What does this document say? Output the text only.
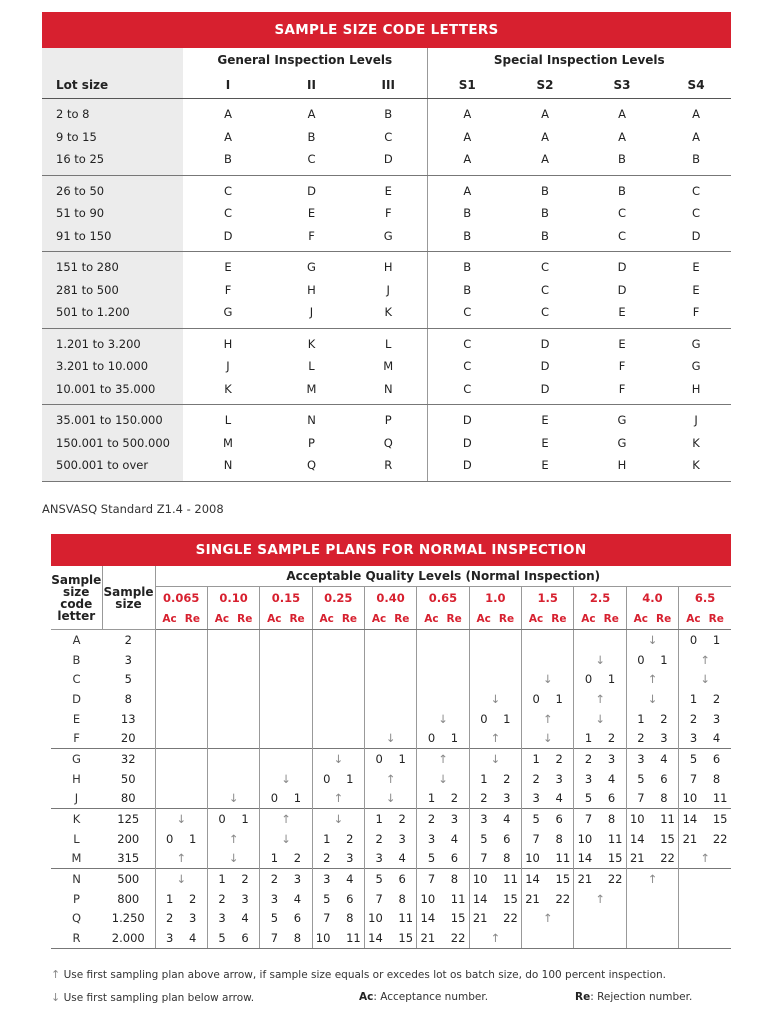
SAMPLE SIZE CODE LETTERS							
	General Inspection Levels			Special Inspection Levels			
Lot size	I	II	III	S1	S2	S3	S4
2 to 8	A	A	B	A	A	A	A
9 to 15	A	B	C	A	A	A	A
16 to 25	B	C	D	A	A	B	B
26 to 50	C	D	E	A	B	B	C
51 to 90	C	E	F	B	B	C	C
91 to 150	D	F	G	B	B	C	D
151 to 280	E	G	H	B	C	D	E
281 to 500	F	H	J	B	C	D	E
501 to 1.200	G	J	K	C	C	E	F
1.201 to 3.200	H	K	L	C	D	E	G
3.201 to 10.000	J	L	M	C	D	F	G
10.001 to 35.000	K	M	N	C	D	F	H
35.001 to 150.000	L	N	P	D	E	G	J
150.001 to 500.000	M	P	Q	D	E	G	K
500.001 to over	N	Q	R	D	E	H	K
ANSVASQ Standard Z1.4 - 2008
SINGLE SAMPLE PLANS FOR NORMAL INSPECTION												
Sample size code letter	Sample size	Acceptable Quality Levels (Normal Inspection)										
		0.065	0.10	0.15	0.25	0.40	0.65	1.0	1.5	2.5	4.0	6.5
		Ac Re	Ac Re	Ac Re	Ac Re	Ac Re	Ac Re	Ac Re	Ac Re	Ac Re	Ac Re	Ac Re
A	2										↓	0 1
B	3									↓	0 1	↑
C	5								↓	0 1	↑	↓
D	8							↓	0 1	↑	↓	1 2
E	13						↓	0 1	↑	↓	1 2	2 3
F	20					↓	0 1	↑	↓	1 2	2 3	3 4
G	32				↓	0 1	↑	↓	1 2	2 3	3 4	5 6
H	50			↓	0 1	↑	↓	1 2	2 3	3 4	5 6	7 8
J	80		↓	0 1	↑	↓	1 2	2 3	3 4	5 6	7 8	10 11
K	125	↓	0 1	↑	↓	1 2	2 3	3 4	5 6	7 8	10 11	14 15
L	200	0 1	↑	↓	1 2	2 3	3 4	5 6	7 8	10 11	14 15	21 22
M	315	↑	↓	1 2	2 3	3 4	5 6	7 8	10 11	14 15	21 22	↑
N	500	↓	1 2	2 3	3 4	5 6	7 8	10 11	14 15	21 22	↑	
P	800	1 2	2 3	3 4	5 6	7 8	10 11	14 15	21 22	↑		
Q	1.250	2 3	3 4	5 6	7 8	10 11	14 15	21 22	↑			
R	2.000	3 4	5 6	7 8	10 11	14 15	21 22	↑				
↑ Use first sampling plan above arrow, if sample size equals or excedes lot os batch size, do 100 percent inspection.
↓ Use first sampling plan below arrow.	Ac: Acceptance number.	Re: Rejection number.
